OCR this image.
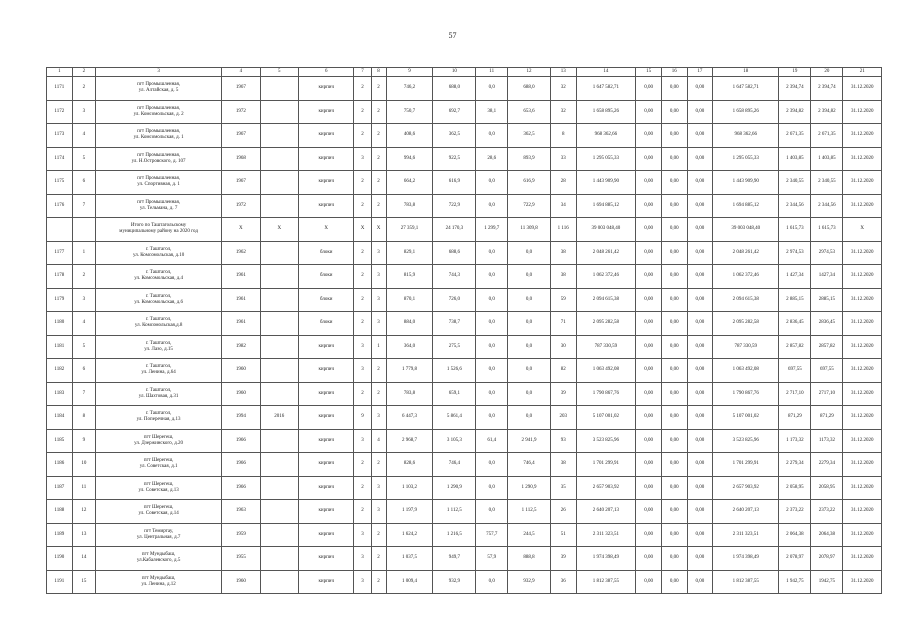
57
1	2	3	4	5	6	7	8	9	10	11	12	13	14	15	16	17	18	19	20	21
1171	2	пгт Промышленная,
ул. Алтайская, д. 5	1967		кирпич	2	2	746,2	688,0	0,0	688,0	32	1 647 582,71	0,00	0,00	0,00	1 647 582,71	2 394,74	2 394,74	31.12.2020
1172	3	пгт Промышленная,
ул. Комсомольская, д. 2	1972		кирпич	2	2	750,7	692,7	38,1	653,6	32	1 658 895,26	0,00	0,00	0,00	1 658 895,26	2 394,82	2 394,82	31.12.2020
1173	4	пгт Промышленная,
ул. Комсомольская, д. 1	1967		кирпич	2	2	408,6	362,5	0,0	362,5	8	968 362,66	0,00	0,00	0,00	968 362,66	2 671,35	2 671,35	31.12.2020
1174	5	пгт Промышленная,
ул. Н.Островского, д. 107	1968		кирпич	3	2	994,6	922,5	28,6	893,9	33	1 295 055,33	0,00	0,00	0,00	1 295 055,33	1 403,85	1 403,85	31.12.2020
1175	6	пгт Промышленная,
ул. Спортивная, д. 1	1967		кирпич	2	2	664,2	616,9	0,0	616,9	28	1 443 909,90	0,00	0,00	0,00	1 443 909,90	2 340,55	2 340,55	31.12.2020
1176	7	пгт Промышленная,
ул. Тельмана, д. 7	1972		кирпич	2	2	783,8	722,9	0,0	722,9	34	1 694 885,12	0,00	0,00	0,00	1 694 885,12	2 344,56	2 344,56	31.12.2020
		Итого по Таштагольскому
муниципальному району на 2020 год	X	X	X	X	X	27 359,1	24 170,3	1 299,7	11 309,8	1 116	39 003 048,40	0,00	0,00	0,00	39 003 048,40	1 615,73	1 615,73	X
1177	1	г. Таштагол,
ул. Комсомольская, д.10	1962		блоки	2	3	829,1	688,6	0,0	0,0	38	2 048 261,42	0,00	0,00	0,00	2 048 261,42	2 974,53	2974,53	31.12.2020
1178	2	г. Таштагол,
ул. Комсомольская, д.4	1961		блоки	2	3	815,9	744,3	0,0	0,0	38	1 062 372,46	0,00	0,00	0,00	1 062 372,46	1 427,34	1427,34	31.12.2020
1179	3	г. Таштагол,
ул. Комсомольская, д.6	1961		блоки	2	3	870,1	726,0	0,0	0,0	59	2 094 615,38	0,00	0,00	0,00	2 094 615,38	2 885,15	2885,15	31.12.2020
1180	4	г. Таштагол,
ул. Комсомольская,д.8	1961		блоки	2	3	884,0	738,7	0,0	0,0	71	2 095 282,58	0,00	0,00	0,00	2 095 282,58	2 836,45	2836,45	31.12.2020
1181	5	г. Таштагол,
ул. Лазо, д.15	1982		кирпич	3	1	364,0	275,5	0,0	0,0	30	787 330,59	0,00	0,00	0,00	787 330,59	2 857,82	2857,82	31.12.2020
1182	6	г. Таштагол,
ул. Ленина, д.64	1960		кирпич	3	2	1 779,8	1 526,6	0,0	0,0	82	1 063 492,08	0,00	0,00	0,00	1 063 492,08	697,55	697,55	31.12.2020
1183	7	г. Таштагол,
ул. Шахтовая, д.31	1960		кирпич	2	2	783,8	659,1	0,0	0,0	39	1 790 867,76	0,00	0,00	0,00	1 790 867,76	2 717,10	2717,10	31.12.2020
1184	8	г. Таштагол,
ул. Поперечная, д.13	1994	2016	кирпич	9	3	6 447,3	5 861,4	0,0	0,0	203	5 107 001,02	0,00	0,00	0,00	5 107 001,02	871,29	871,29	31.12.2020
1185	9	пгт Шерегеш,
ул. Дзержинского, д.20	1966		кирпич	3	4	2 968,7	3 105,3	61,4	2 941,9	93	3 523 825,96	0,00	0,00	0,00	3 523 825,96	1 173,32	1173,32	31.12.2020
1186	10	пгт Шерегеш,
ул. Советская, д.1	1966		кирпич	2	2	828,6	746,4	0,0	746,4	38	1 701 299,91	0,00	0,00	0,00	1 701 299,91	2 279,34	2279,34	31.12.2020
1187	11	пгт Шерегеш,
ул. Советская, д.13	1966		кирпич	2	3	1 103,2	1 290,9	0,0	1 290,9	35	2 657 903,92	0,00	0,00	0,00	2 657 903,92	2 058,95	2058,95	31.12.2020
1188	12	пгт Шерегеш,
ул. Советская, д.14	1963		кирпич	2	3	1 197,9	1 112,5	0,0	1 112,5	26	2 640 207,13	0,00	0,00	0,00	2 640 207,13	2 373,22	2373,22	31.12.2020
1189	13	пгт Темиртау,
ул. Центральная, д.7	1959		кирпич	3	2	1 624,2	1 216,5	757,7	244,5	51	2 311 323,51	0,00	0,00	0,00	2 311 323,51	2 064,38	2064,38	31.12.2020
1190	14	пгт Мундыбаш,
ул.Кабалевского, д.5	1955		кирпич	3	2	1 037,5	949,7	57,9	888,8	39	1 974 398,49	0,00	0,00	0,00	1 974 398,49	2 078,97	2078,97	31.12.2020
1191	15	пгт Мундыбаш,
ул. Ленина, д.12	1960		кирпич	3	2	1 009,4	932,9	0,0	932,9	36	1 812 387,55	0,00	0,00	0,00	1 812 387,55	1 942,75	1942,75	31.12.2020
